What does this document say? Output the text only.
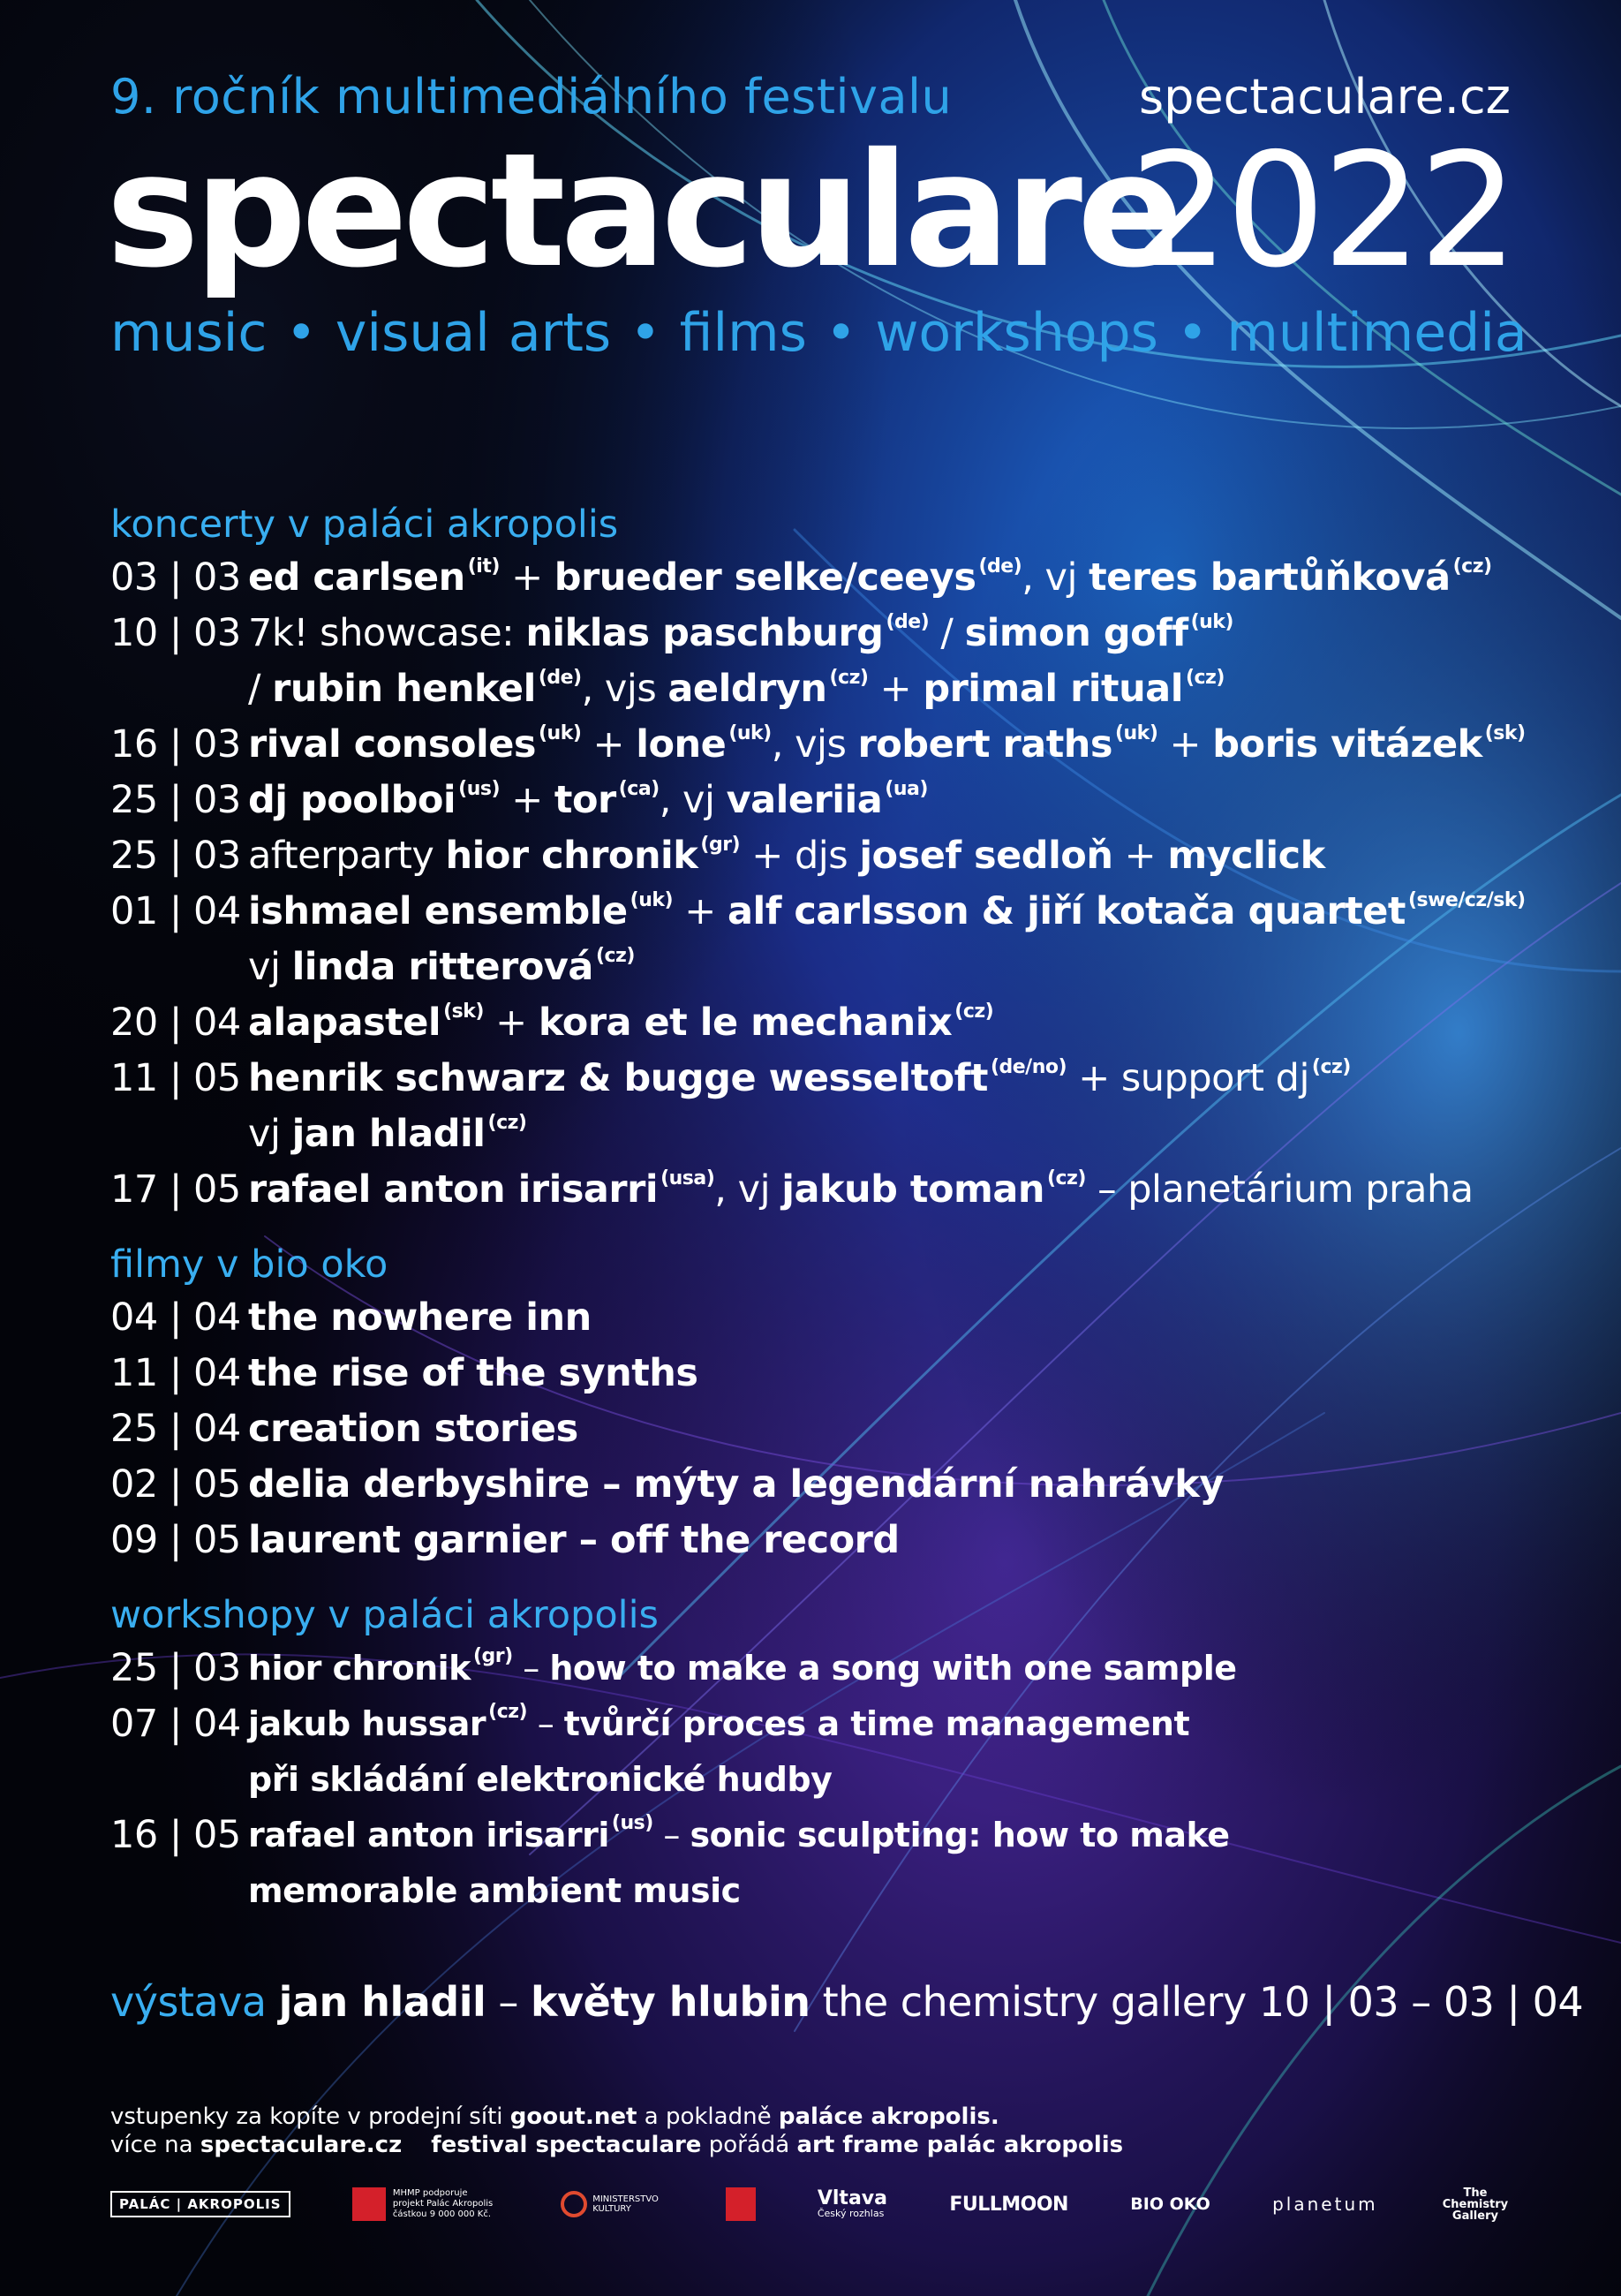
9. ročník multimediálního festivalu	spectaculare.cz
spectaculare
2022
music • visual arts • films • workshops • multimedia
koncerty v paláci akropolis
03 | 03 ed carlsen $^{(it)}$ + brueder selke/ceeys $^{(de)}$, vj teres bartůňková $^{(cz)}$
10 | 03 7k! showcase: niklas paschburg $^{(de)}$ / simon goff $^{(uk)}$
/ rubin henkel $^{(de)}$, vjs aeldryn $^{(cz)}$ + primal ritual $^{(cz)}$
16 | 03 rival consoles $^{(uk)}$ + lone $^{(uk)}$, vjs robert raths $^{(uk)}$ + boris vitázek $^{(sk)}$
25 | 03 dj poolboi $^{(us)}$ + tor $^{(ca)}$, vj valeriia $^{(ua)}$
25 | 03 afterparty hior chronik $^{(gr)}$ + djs josef sedloň + myclick
01 | 04 ishmael ensemble $^{(uk)}$ + alf carlsson & jiří kotača quartet $^{(swe/cz/sk)}$
vj linda ritterová $^{(cz)}$
20 | 04 alapastel $^{(sk)}$ + kora et le mechanix $^{(cz)}$
11 | 05 henrik schwarz & bugge wesseltoft $^{(de/no)}$ + support dj $^{(cz)}$
vj jan hladil $^{(cz)}$
17 | 05 rafael anton irisarri $^{(usa)}$, vj jakub toman $^{(cz)}$ – planetárium praha
filmy v bio oko
04 | 04 the nowhere inn
11 | 04 the rise of the synths
25 | 04 creation stories
02 | 05 delia derbyshire – mýty a legendární nahrávky
09 | 05 laurent garnier – off the record
workshopy v paláci akropolis
25 | 03 hior chronik $^{(gr)}$ – how to make a song with one sample
07 | 04 jakub hussar $^{(cz)}$ – tvůrčí proces a time management
při skládání elektronické hudby
16 | 05 rafael anton irisarri $^{(us)}$ – sonic sculpting: how to make
memorable ambient music
výstava jan hladil – květy hlubin the chemistry gallery 10 | 03 – 03 | 04
vstupenky za kopíte v prodejní síti goout.net a pokladně paláce akropolis.
více na spectaculare.cz festival spectaculare pořádá art frame palác akropolis
PALÁC | AKROPOLIS
MHMP podporuje projekt Palác Akropolis částkou 9 000 000 Kč.
MINISTERSTVO KULTURY	Vltava
Český rozhlas	FULLMOON	BIO OKO	planetum
The Chemistry Gallery
